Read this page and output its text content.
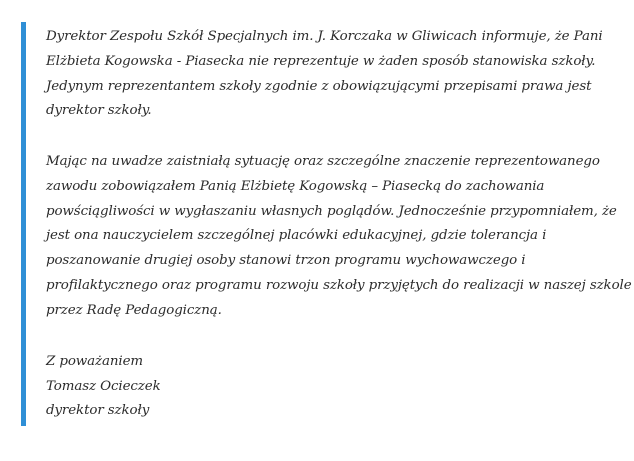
Dyrektor Zespołu Szkół Specjalnych im. J. Korczaka w Gliwicach informuje, że Pani
Elżbieta Kogowska - Piasecka nie reprezentuje w żaden sposób stanowiska szkoły.
Jedynym reprezentantem szkoły zgodnie z obowiązującymi przepisami prawa jest
dyrektor szkoły.

Mając na uwadze zaistniałą sytuację oraz szczególne znaczenie reprezentowanego
zawodu zobowiązałem Panią Elżbietę Kogowską – Piasecką do zachowania
powściągliwości w wygłaszaniu własnych poglądów. Jednocześnie przypomniałem, że
jest ona nauczycielem szczególnej placówki edukacyjnej, gdzie tolerancja i
poszanowanie drugiej osoby stanowi trzon programu wychowawczego i
profilaktycznego oraz programu rozwoju szkoły przyjętych do realizacji w naszej szkole
przez Radę Pedagogiczną.

Z poważaniem

Tomasz Ocieczek

dyrektor szkoły
